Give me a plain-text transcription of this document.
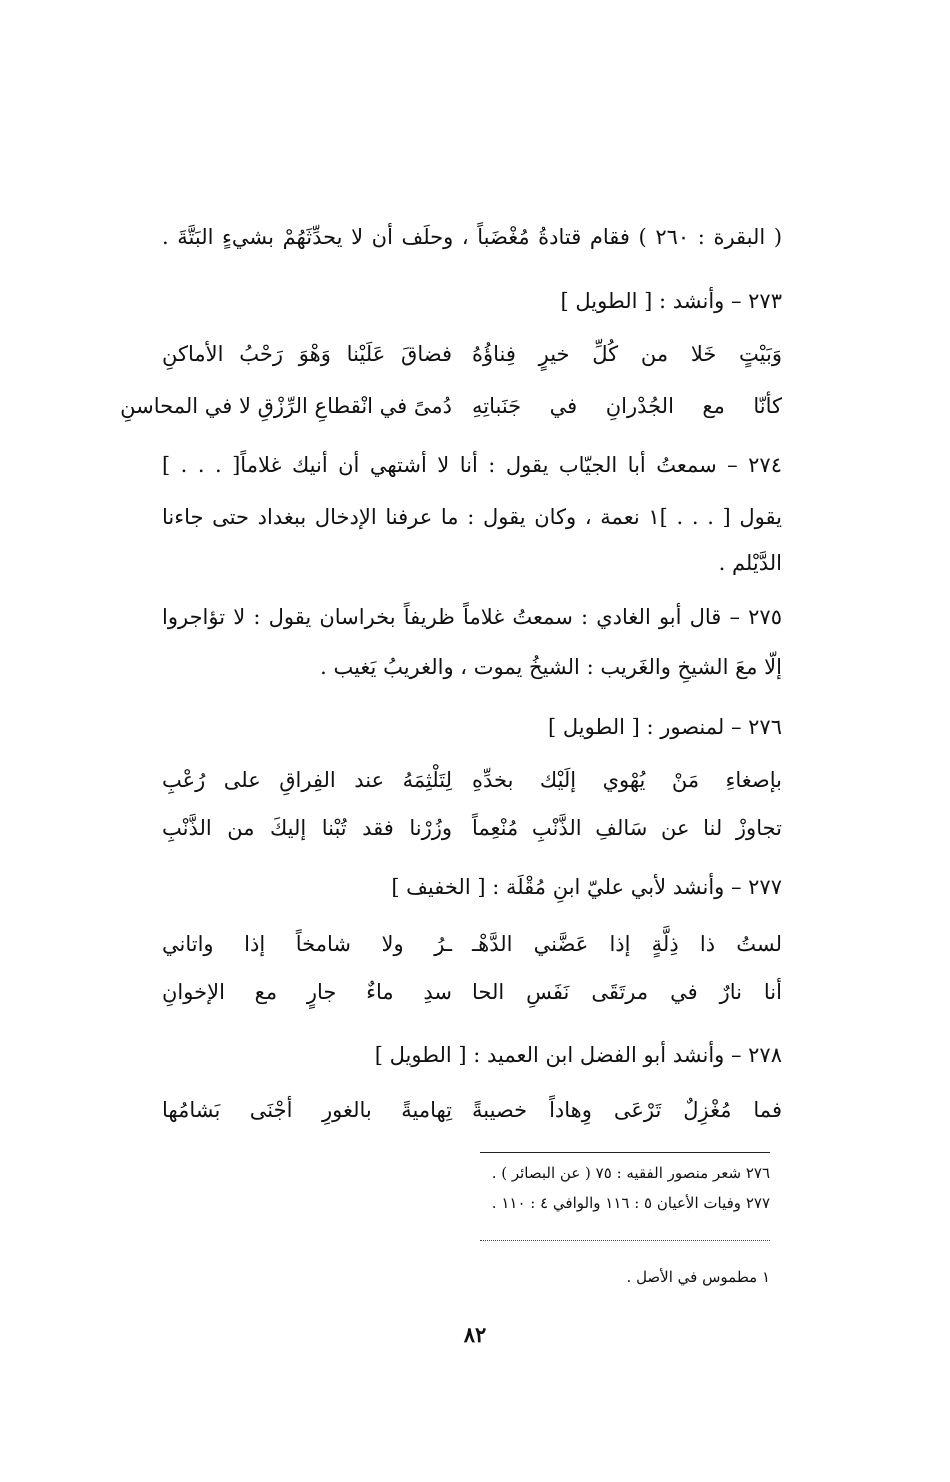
( البقرة : ٢٦٠ ) فقام قتادةُ مُغْضَباً ، وحلَف أن لا يحدِّثَهُمْ بشيءٍ البَتَّةَ .
٢٧٣ – وأنشد : [ الطويل ]
وَبَيْتٍ خَلا من كُلِّ خيرٍ فِناؤُهُ
فضاقَ عَلَيْنا وَهْوَ رَحْبُ الأماكنِ
كأنّا مع الجُدْرانِ في جَنَباتِهِ
دُمىً في انْقطاعِ الرِّزْقِ لا في المحاسنِ
٢٧٤ – سمعتُ أبا الجيّاب يقول : أنا لا أشتهي أن أنيك غلاماً[ . . . ]
يقول [ . . . ]١ نعمة ، وكان يقول : ما عرفنا الإدخال ببغداد حتى جاءنا
الدَّيْلم .
٢٧٥ – قال أبو الغادي : سمعتُ غلاماً ظريفاً بخراسان يقول : لا تؤاجروا
إلّا معَ الشيخِ والغَريب : الشيخُ يموت ، والغريبُ يَغيب .
٢٧٦ – لمنصور : [ الطويل ]
بإصغاءِ مَنْ يُهْوي إلَيْك بخدِّهِ
لِتَلْثِمَهُ عند الفِراقِ على رُعْبِ
تجاوزْ لنا عن سَالفِ الذَّنْبِ مُنْعِماً
وزُرْنا فقد تُبْنا إليكَ من الذَّنْبِ
٢٧٧ – وأنشد لأبي عليّ ابنِ مُقْلَة : [ الخفيف ]
لستُ ذا ذِلَّةٍ إذا عَضَّني الدَّهْـ
ـرُ ولا شامخاً إذا واتاني
أنا نارٌ في مرتَقَى نَفَسِ الحا
سدِ ماءٌ جارٍ مع الإخوانِ
٢٧٨ – وأنشد أبو الفضل ابن العميد : [ الطويل ]
فما مُغْزِلٌ تَرْعَى وِهاداً خصيبةً
تِهاميةً بالغورِ أجْنَى بَشامُها
٢٧٦ شعر منصور الفقيه : ٧٥ ( عن البصائر ) .
٢٧٧ وفيات الأعيان ٥ : ١١٦ والوافي ٤ : ١١٠ .
١ مطموس في الأصل .
٨٢
